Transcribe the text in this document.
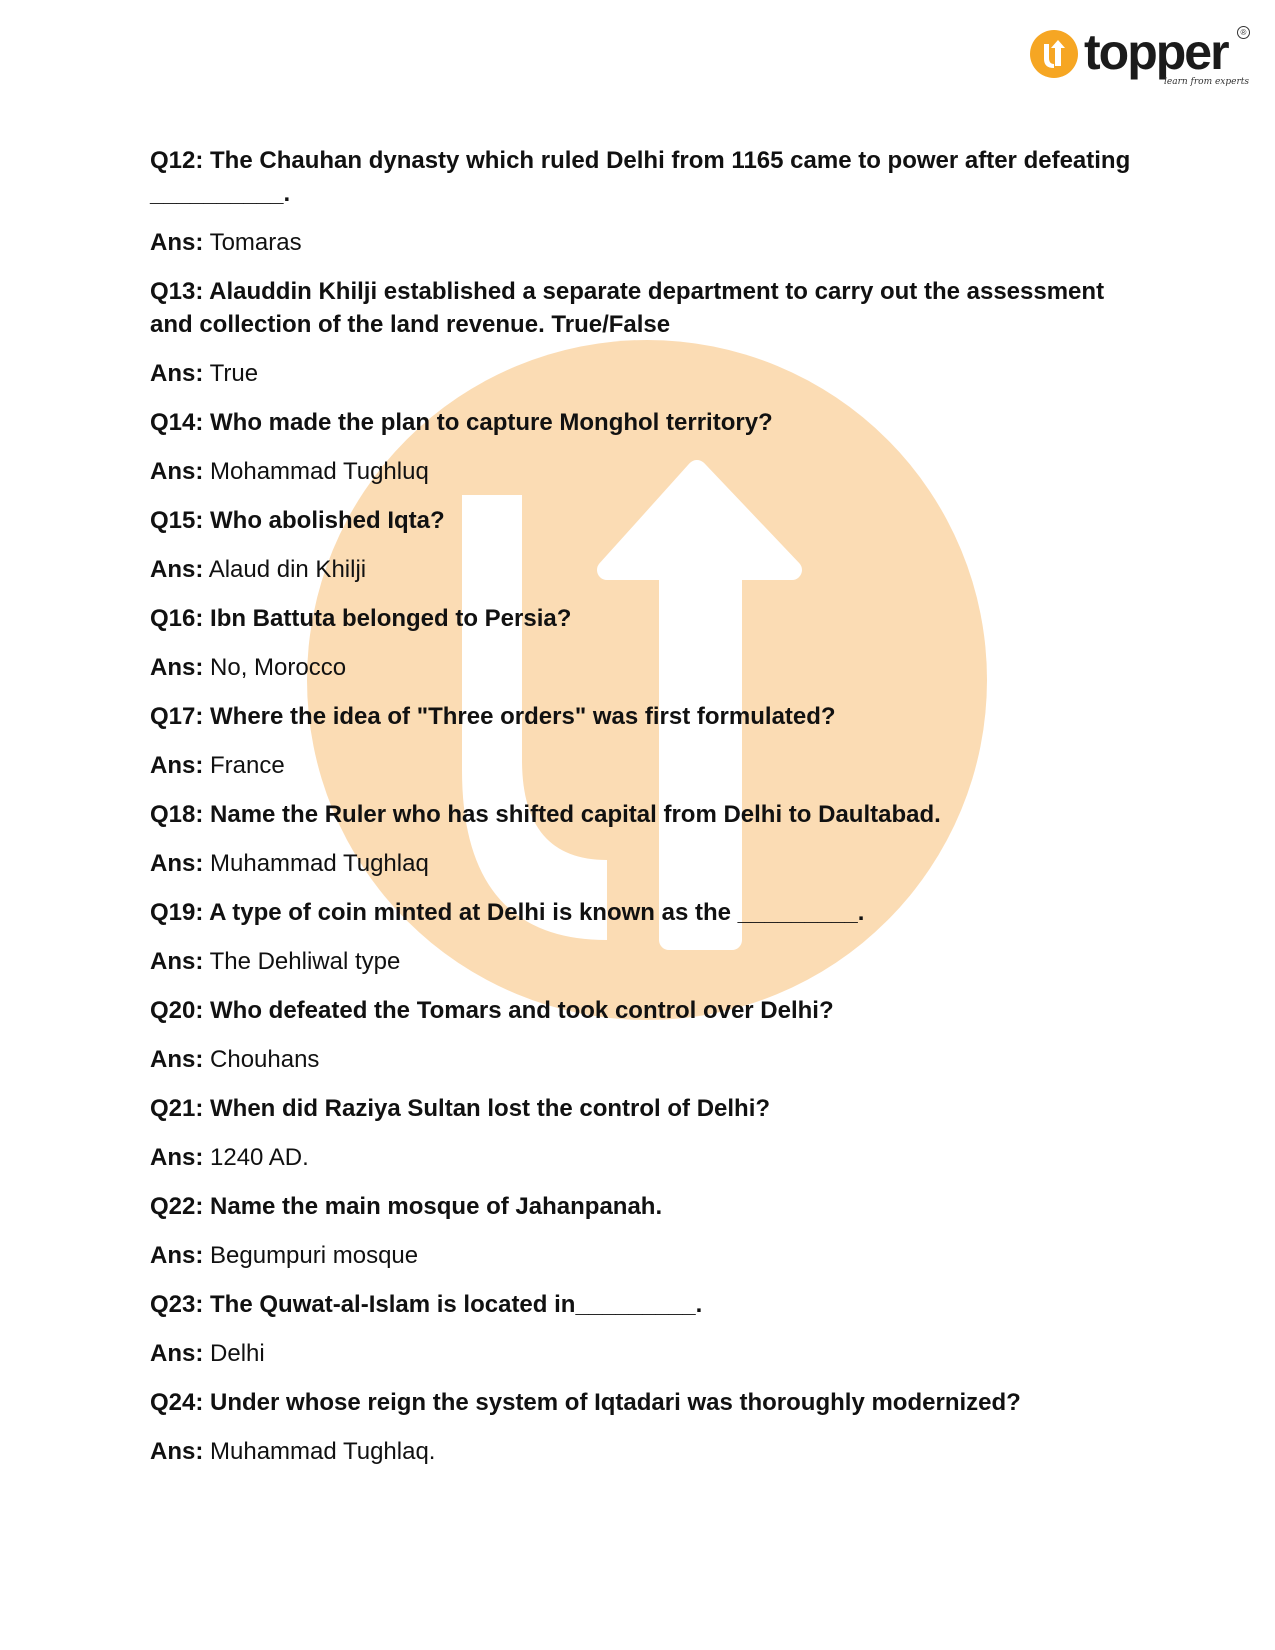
topper	®
learn from experts

Q12: The Chauhan dynasty which ruled Delhi from 1165 came to power after defeating __________.

Ans: Tomaras

Q13: Alauddin Khilji established a separate department to carry out the assessment and collection of the land revenue. True/False

Ans: True

Q14: Who made the plan to capture Monghol territory?

Ans: Mohammad Tughluq

Q15: Who abolished Iqta?

Ans: Alaud din Khilji

Q16: Ibn Battuta belonged to Persia?

Ans: No, Morocco

Q17: Where the idea of "Three orders" was first formulated?

Ans: France

Q18: Name the Ruler who has shifted capital from Delhi to Daultabad.

Ans: Muhammad Tughlaq

Q19: A type of coin minted at Delhi is known as the _________.

Ans: The Dehliwal type

Q20: Who defeated the Tomars and took control over Delhi?

Ans: Chouhans

Q21: When did Raziya Sultan lost the control of Delhi?

Ans: 1240 AD.

Q22: Name the main mosque of Jahanpanah.

Ans: Begumpuri mosque

Q23: The Quwat-al-Islam is located in_________.

Ans: Delhi

Q24: Under whose reign the system of Iqtadari was thoroughly modernized?

Ans: Muhammad Tughlaq.
